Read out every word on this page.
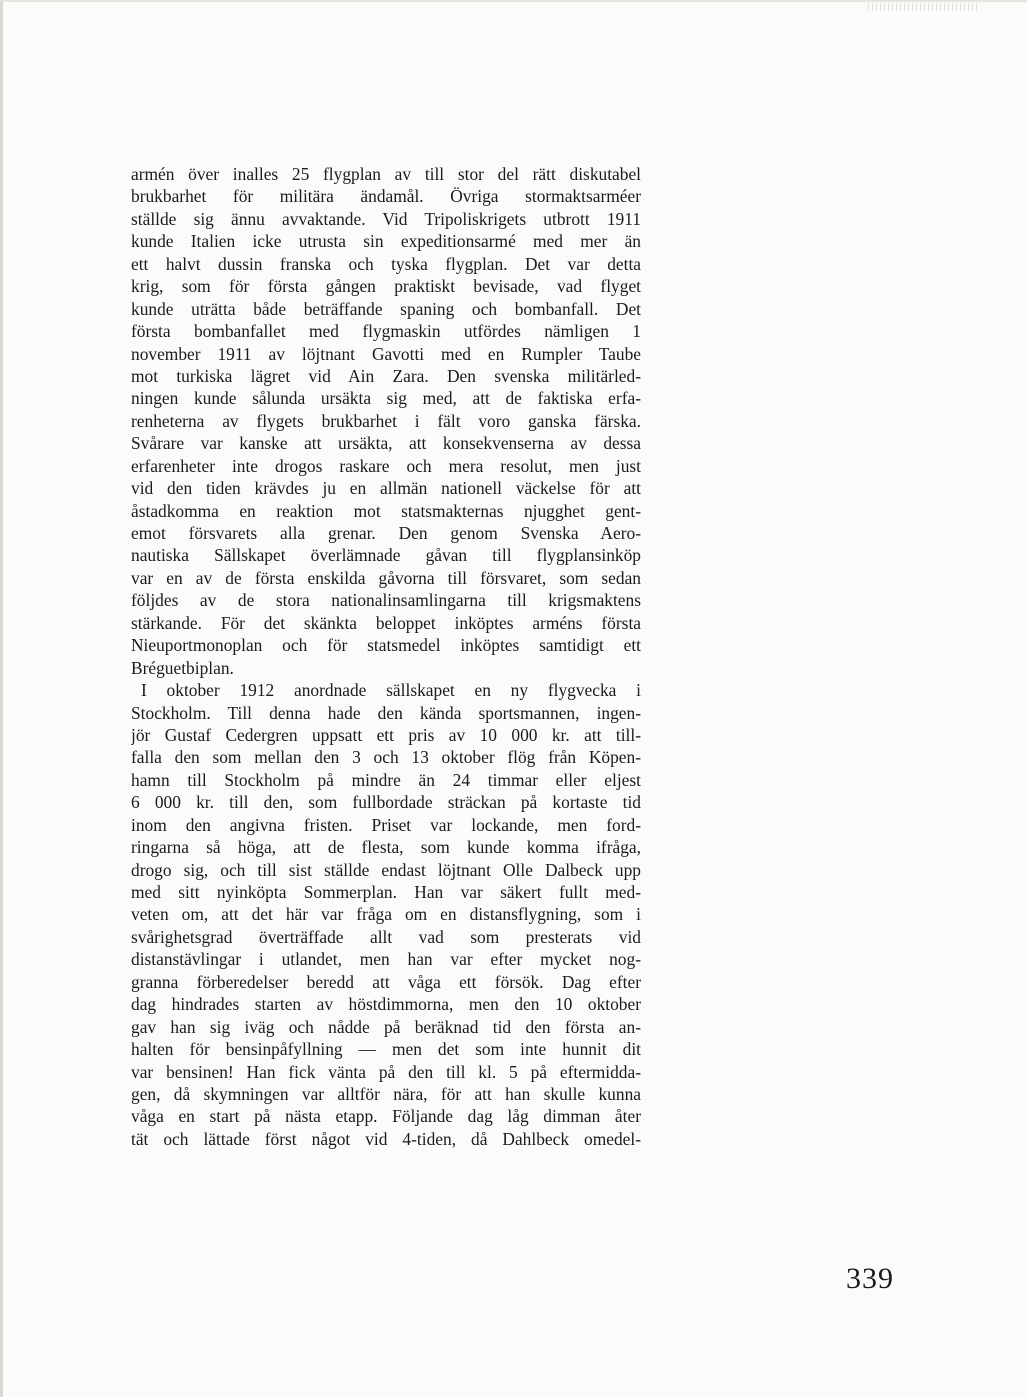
armén över inalles 25 flygplan av till stor del rätt diskutabel
brukbarhet för militära ändamål. Övriga stormaktsarméer
ställde sig ännu avvaktande. Vid Tripoliskrigets utbrott 1911
kunde Italien icke utrusta sin expeditionsarmé med mer än
ett halvt dussin franska och tyska flygplan. Det var detta
krig, som för första gången praktiskt bevisade, vad flyget
kunde uträtta både beträffande spaning och bombanfall. Det
första bombanfallet med flygmaskin utfördes nämligen 1
november 1911 av löjtnant Gavotti med en Rumpler Taube
mot turkiska lägret vid Ain Zara. Den svenska militärled-
ningen kunde sålunda ursäkta sig med, att de faktiska erfa-
renheterna av flygets brukbarhet i fält voro ganska färska.
Svårare var kanske att ursäkta, att konsekvenserna av dessa
erfarenheter inte drogos raskare och mera resolut, men just
vid den tiden krävdes ju en allmän nationell väckelse för att
åstadkomma en reaktion mot statsmakternas njugghet gent-
emot försvarets alla grenar. Den genom Svenska Aero-
nautiska Sällskapet överlämnade gåvan till flygplansinköp
var en av de första enskilda gåvorna till försvaret, som sedan
följdes av de stora nationalinsamlingarna till krigsmaktens
stärkande. För det skänkta beloppet inköptes arméns första
Nieuportmonoplan och för statsmedel inköptes samtidigt ett
Bréguetbiplan.
I oktober 1912 anordnade sällskapet en ny flygvecka i
Stockholm. Till denna hade den kända sportsmannen, ingen-
jör Gustaf Cedergren uppsatt ett pris av 10 000 kr. att till-
falla den som mellan den 3 och 13 oktober flög från Köpen-
hamn till Stockholm på mindre än 24 timmar eller eljest
6 000 kr. till den, som fullbordade sträckan på kortaste tid
inom den angivna fristen. Priset var lockande, men ford-
ringarna så höga, att de flesta, som kunde komma ifråga,
drogo sig, och till sist ställde endast löjtnant Olle Dalbeck upp
med sitt nyinköpta Sommerplan. Han var säkert fullt med-
veten om, att det här var fråga om en distansflygning, som i
svårighetsgrad överträffade allt vad som presterats vid
distanstävlingar i utlandet, men han var efter mycket nog-
granna förberedelser beredd att våga ett försök. Dag efter
dag hindrades starten av höstdimmorna, men den 10 oktober
gav han sig iväg och nådde på beräknad tid den första an-
halten för bensinpåfyllning — men det som inte hunnit dit
var bensinen! Han fick vänta på den till kl. 5 på eftermidda-
gen, då skymningen var alltför nära, för att han skulle kunna
våga en start på nästa etapp. Följande dag låg dimman åter
tät och lättade först något vid 4-tiden, då Dahlbeck omedel-
339
